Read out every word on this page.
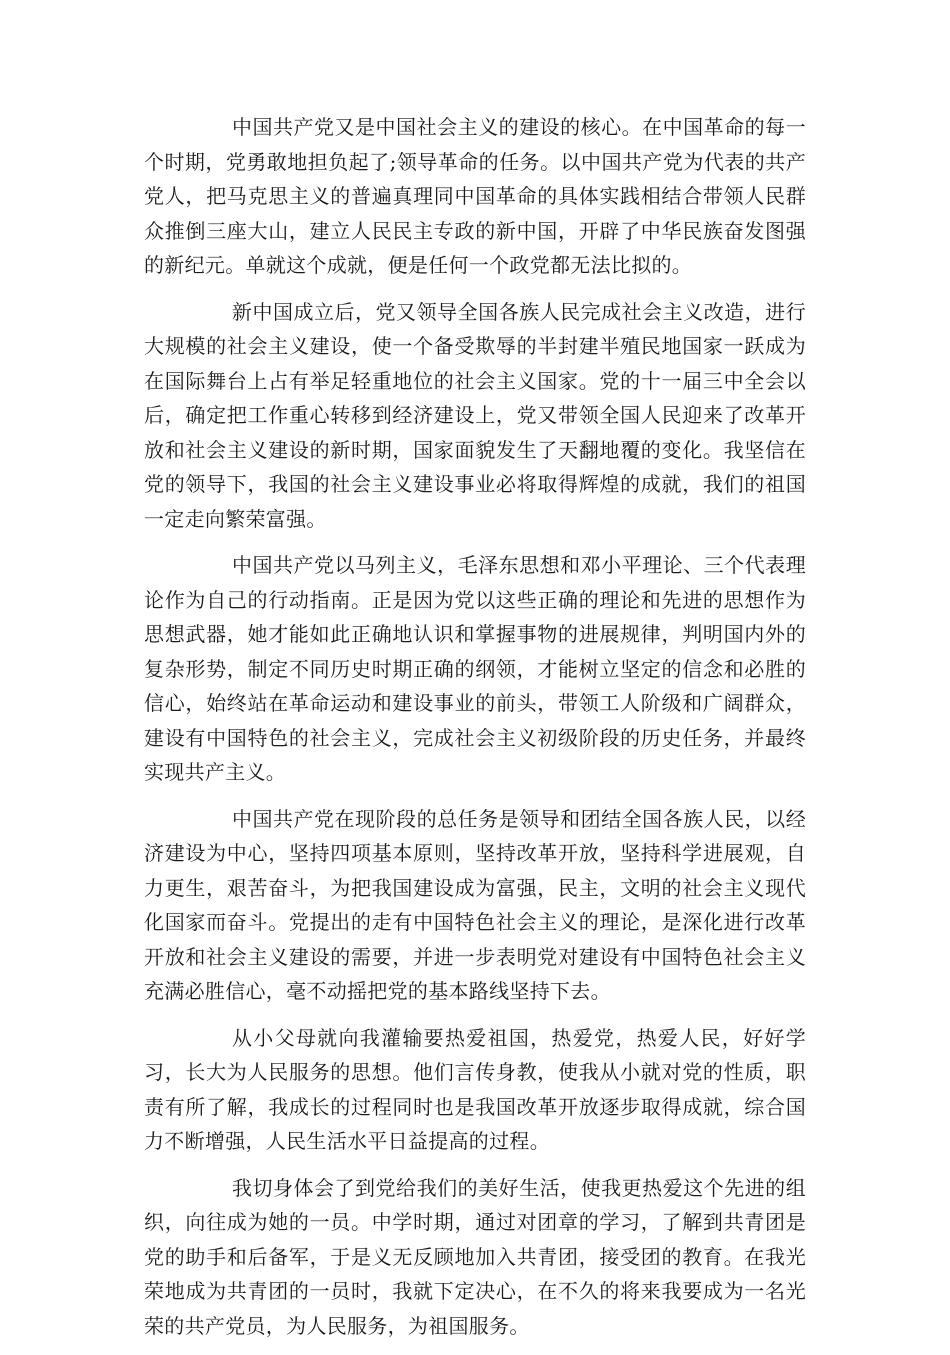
中国共产党又是中国社会主义的建设的核心。在中国革命的每一个时期，党勇敢地担负起了;领导革命的任务。以中国共产党为代表的共产党人，把马克思主义的普遍真理同中国革命的具体实践相结合带领人民群众推倒三座大山，建立人民民主专政的新中国，开辟了中华民族奋发图强的新纪元。单就这个成就，便是任何一个政党都无法比拟的。

新中国成立后，党又领导全国各族人民完成社会主义改造，进行大规模的社会主义建设，使一个备受欺辱的半封建半殖民地国家一跃成为在国际舞台上占有举足轻重地位的社会主义国家。党的十一届三中全会以后，确定把工作重心转移到经济建设上，党又带领全国人民迎来了改革开放和社会主义建设的新时期，国家面貌发生了天翻地覆的变化。我坚信在党的领导下，我国的社会主义建设事业必将取得辉煌的成就，我们的祖国一定走向繁荣富强。

中国共产党以马列主义，毛泽东思想和邓小平理论、三个代表理论作为自己的行动指南。正是因为党以这些正确的理论和先进的思想作为思想武器，她才能如此正确地认识和掌握事物的进展规律，判明国内外的复杂形势，制定不同历史时期正确的纲领，才能树立坚定的信念和必胜的信心，始终站在革命运动和建设事业的前头，带领工人阶级和广阔群众，建设有中国特色的社会主义，完成社会主义初级阶段的历史任务，并最终实现共产主义。

中国共产党在现阶段的总任务是领导和团结全国各族人民，以经济建设为中心，坚持四项基本原则，坚持改革开放，坚持科学进展观，自力更生，艰苦奋斗，为把我国建设成为富强，民主，文明的社会主义现代化国家而奋斗。党提出的走有中国特色社会主义的理论，是深化进行改革开放和社会主义建设的需要，并进一步表明党对建设有中国特色社会主义充满必胜信心，毫不动摇把党的基本路线坚持下去。

从小父母就向我灌输要热爱祖国，热爱党，热爱人民，好好学习，长大为人民服务的思想。他们言传身教，使我从小就对党的性质，职责有所了解，我成长的过程同时也是我国改革开放逐步取得成就，综合国力不断增强，人民生活水平日益提高的过程。

我切身体会了到党给我们的美好生活，使我更热爱这个先进的组织，向往成为她的一员。中学时期，通过对团章的学习，了解到共青团是党的助手和后备军，于是义无反顾地加入共青团，接受团的教育。在我光荣地成为共青团的一员时，我就下定决心，在不久的将来我要成为一名光荣的共产党员，为人民服务，为祖国服务。
